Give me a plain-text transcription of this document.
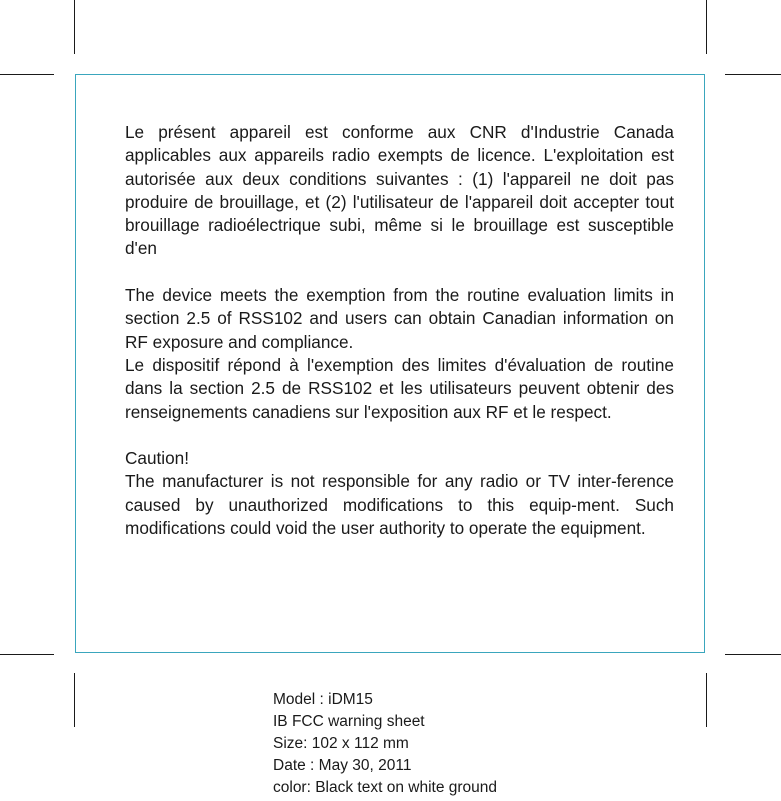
Le présent appareil est conforme aux CNR d'Industrie Canada applicables aux appareils radio exempts de licence. L'exploitation est autorisée aux deux conditions suivantes : (1) l'appareil ne doit pas produire de brouillage, et (2) l'utilisateur de l'appareil doit accepter tout brouillage radioélectrique subi, même si le brouillage est susceptible d'en

The device meets the exemption from the routine evaluation limits in section 2.5 of RSS102 and users can obtain Canadian information on RF exposure and compliance.

Le dispositif répond à l'exemption des limites d'évaluation de routine dans la section 2.5 de RSS102 et les utilisateurs peuvent obtenir des renseignements canadiens sur l'exposition aux RF et le respect.

Caution!

The manufacturer is not responsible for any radio or TV inter-ference caused by unauthorized modifications to this equip-ment. Such modifications could void the user authority to operate the equipment.

Model : iDM15
IB FCC warning sheet
Size: 102 x 112 mm
Date : May 30, 2011
color: Black text on white ground
